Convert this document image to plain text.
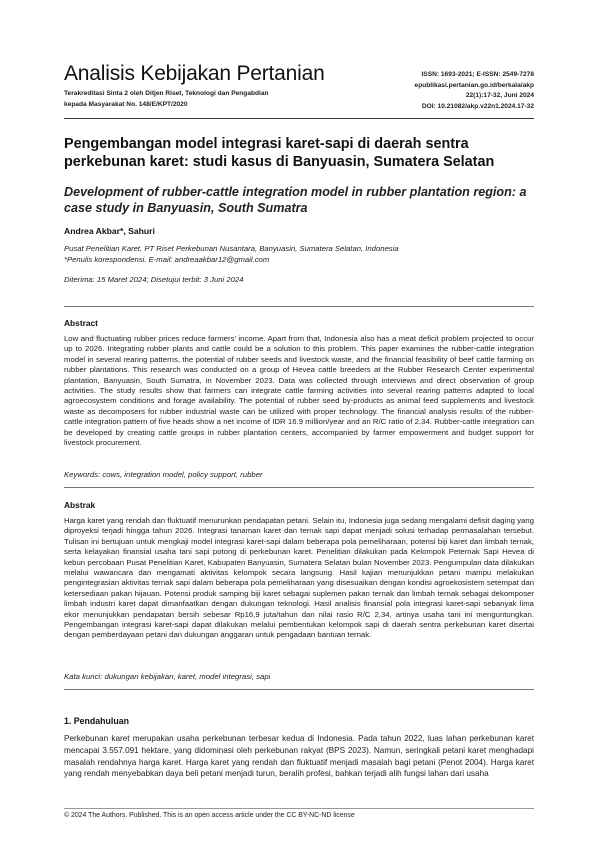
Analisis Kebijakan Pertanian
Terakreditasi Sinta 2 oleh Ditjen Riset, Teknologi dan Pengabdian
kepada Masyarakat No. 148/E/KPT/2020
ISSN: 1693-2021; E-ISSN: 2549-7278
epublikasi.pertanian.go.id/berkala/akp
22(1):17-32, Juni 2024
DOI: 10.21082/akp.v22n1.2024.17-32
Pengembangan model integrasi karet-sapi di daerah sentra perkebunan karet: studi kasus di Banyuasin, Sumatera Selatan
Development of rubber-cattle integration model in rubber plantation region: a case study in Banyuasin, South Sumatra
Andrea Akbar*, Sahuri
Pusat Penelitian Karet, PT Riset Perkebunan Nusantara, Banyuasin, Sumatera Selatan, Indonesia
*Penulis korespondensi. E-mail: andreaakbar12@gmail.com
Diterima: 15 Maret 2024; Disetujui terbit: 3 Juni 2024
Abstract
Low and fluctuating rubber prices reduce farmers' income. Apart from that, Indonesia also has a meat deficit problem projected to occur up to 2026. Integrating rubber plants and cattle could be a solution to this problem. This paper examines the rubber-cattle integration model in several rearing patterns, the potential of rubber seeds and livestock waste, and the financial feasibility of beef cattle farming on rubber plantations. This research was conducted on a group of Hevea cattle breeders at the Rubber Research Center experimental plantation, Banyuasin, South Sumatra, in November 2023. Data was collected through interviews and direct observation of group activities. The study results show that farmers can integrate cattle farming activities into several rearing patterns adapted to local agroecosystem conditions and forage availability. The potential of rubber seed by-products as animal feed supplements and livestock waste as decomposers for rubber industrial waste can be utilized with proper technology. The financial analysis results of the rubber-cattle integration pattern of five heads show a net income of IDR 16.9 million/year and an R/C ratio of 2.34. Rubber-cattle integration can be developed by creating cattle groups in rubber plantation centers, accompanied by farmer empowerment and budget support for livestock procurement.
Keywords: cows, integration model, policy support, rubber
Abstrak
Harga karet yang rendah dan fluktuatif menurunkan pendapatan petani. Selain itu, Indonesia juga sedang mengalami defisit daging yang diproyeksi terjadi hingga tahun 2026. Integrasi tanaman karet dan ternak sapi dapat menjadi solusi terhadap permasalahan tersebut. Tulisan ini bertujuan untuk mengkaji model integrasi karet-sapi dalam beberapa pola pemeliharaan, potensi biji karet dan limbah ternak, serta kelayakan finansial usaha tani sapi potong di perkebunan karet. Penelitian dilakukan pada Kelompok Peternak Sapi Hevea di kebun percobaan Pusat Penelitian Karet, Kabupaten Banyuasin, Sumatera Selatan bulan November 2023. Pengumpulan data dilakukan melalui wawancara dan mengamati aktivitas kelompok secara langsung. Hasil kajian menunjukkan petani mampu melakukan pengintegrasian aktivitas ternak sapi dalam beberapa pola pemeliharaan yang disesuaikan dengan kondisi agroekosistem setempat dan ketersediaan pakan hijauan. Potensi produk samping biji karet sebagai suplemen pakan ternak dan limbah ternak sebagai dekomposer limbah industri karet dapat dimanfaatkan dengan dukungan teknologi. Hasil analisis finansial pola integrasi karet-sapi sebanyak lima ekor menunjukkan pendapatan bersih sebesar Rp16,9 juta/tahun dan nilai rasio R/C 2,34, artinya usaha tani ini menguntungkan. Pengembangan integrasi karet-sapi dapat dilakukan melalui pembentukan kelompok sapi di daerah sentra perkebunan karet disertai dengan pemberdayaan petani dan dukungan anggaran untuk pengadaan bantuan ternak.
Kata kunci: dukungan kebijakan, karet, model integrasi, sapi
1. Pendahuluan
Perkebunan karet merupakan usaha perkebunan terbesar kedua di Indonesia. Pada tahun 2022, luas lahan perkebunan karet mencapai 3.557.091 hektare, yang didominasi oleh perkebunan rakyat (BPS 2023). Namun, seringkali petani karet menghadapi masalah rendahnya harga karet. Harga karet yang rendah dan fluktuatif menjadi masalah bagi petani (Penot 2004). Harga karet yang rendah menyebabkan daya beli petani menjadi turun, beralih profesi, bahkan terjadi alih fungsi lahan dari usaha
© 2024 The Authors. Published. This is an open access article under the CC BY-NC-ND license
